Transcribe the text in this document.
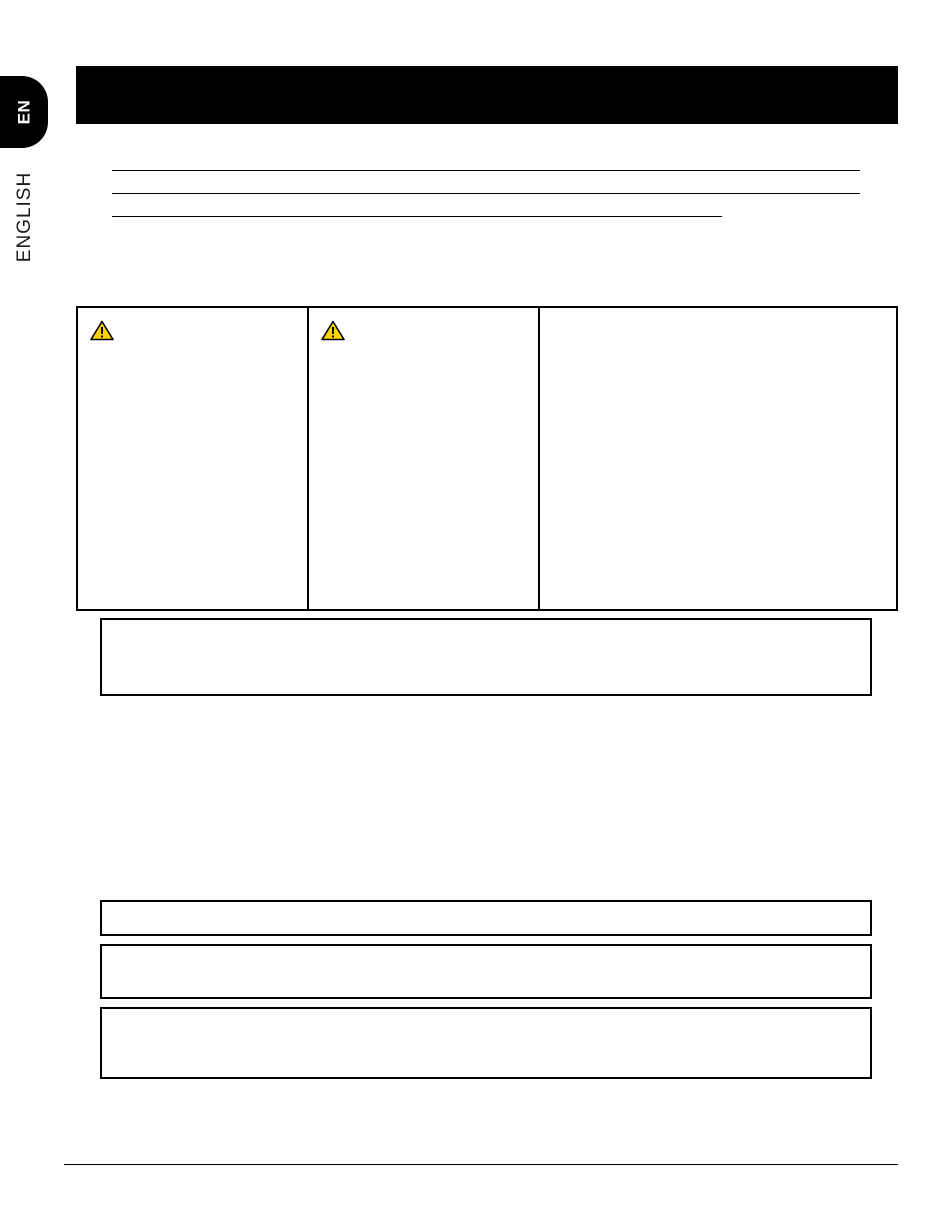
EN
ENGLISH
